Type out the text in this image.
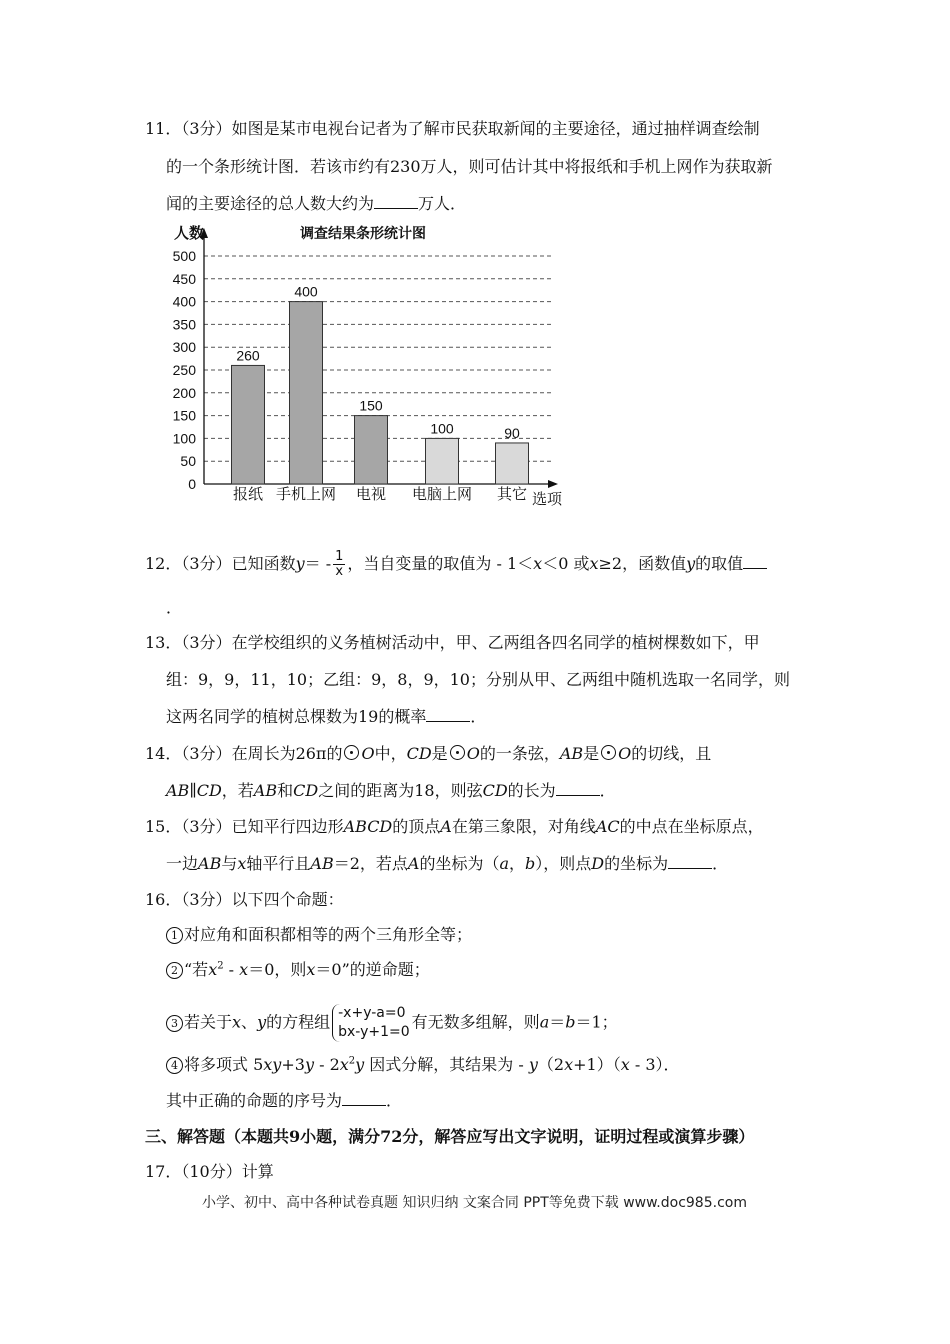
11．（3分）如图是某市电视台记者为了解市民获取新闻的主要途径，通过抽样调查绘制
的一个条形统计图．若该市约有230万人，则可估计其中将报纸和手机上网作为获取新
闻的主要途径的总人数大约为	万人．
0
50
100
150
200
250
300
350
400
450
500
人数	调查结果条形统计图
选项
260
报纸
400
手机上网
150
电视
100
电脑上网
90
其它
12．（3分）已知函数$y= - \frac{1}{x}$ ，当自变量的取值为 - 1＜x＜0 或x≥2，函数值y的取值
．
13．（3分）在学校组织的义务植树活动中，甲、乙两组各四名同学的植树棵数如下，甲
组：9，9，11，10；乙组：9，8，9，10；分别从甲、乙两组中随机选取一名同学，则
这两名同学的植树总棵数为19的概率	．
14．（3分）在周长为26π的 O中，CD是 O的一条弦，AB是 O的切线，且
AB∥CD，若AB和CD之间的距离为18，则弦CD的长为	．
15．（3分）已知平行四边形ABCD的顶点A在第三象限，对角线AC的中点在坐标原点，
一边AB与x轴平行且AB＝2，若点A的坐标为（a，b），则点D的坐标为	．
16．（3分）以下四个命题：
1 对应角和面积都相等的两个三角形全等；
2 “若$x^2 - x=0$，则x＝0”的逆命题；
3 若关于x、y的方程组 -x+y-a=0
bx-y+1=0
有无数多组解，则a＝b＝1；
4 将多项式 $5xy+3y - 2x^2y$ 因式分解，其结果为 - y（2x+1）（x - 3）．
其中正确的命题的序号为	．
三、解答题（本题共9小题，满分72分，解答应写出文字说明，证明过程或演算步骤）
17．（10分）计算
小学、初中、高中各种试卷真题 知识归纳 文案合同 PPT等免费下载 www.doc985.com
